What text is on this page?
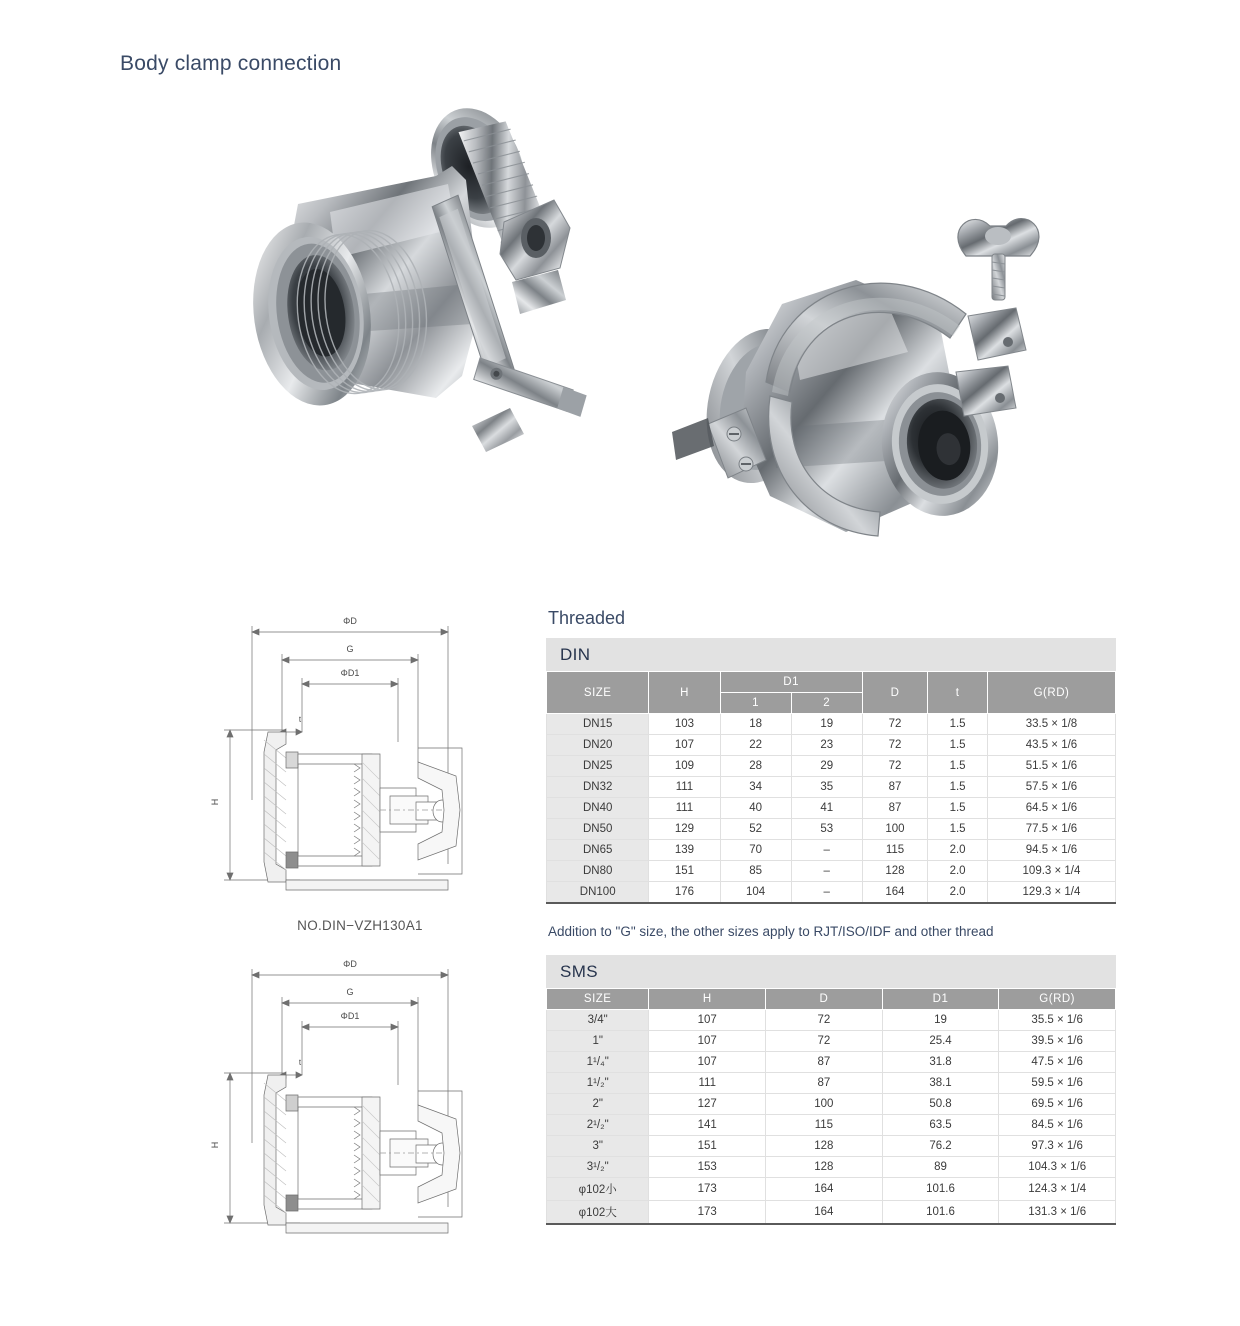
Body clamp connection
ΦD
G
ΦD1
t
H
NO.DIN−VZH130A1
ΦD
G
ΦD1
t
H
Threaded
DIN
SIZE	H	D1		D	t	G(RD)
		1	2			
DN15	103	18	19	72	1.5	33.5 × 1/8
DN20	107	22	23	72	1.5	43.5 × 1/6
DN25	109	28	29	72	1.5	51.5 × 1/6
DN32	111	34	35	87	1.5	57.5 × 1/6
DN40	111	40	41	87	1.5	64.5 × 1/6
DN50	129	52	53	100	1.5	77.5 × 1/6
DN65	139	70	–	115	2.0	94.5 × 1/6
DN80	151	85	–	128	2.0	109.3 × 1/4
DN100	176	104	–	164	2.0	129.3 × 1/4
Addition to "G" size, the other sizes apply to RJT/ISO/IDF and other thread
SMS
SIZE	H	D	D1	G(RD)
3/4"	107	72	19	35.5 × 1/6
1"	107	72	25.4	39.5 × 1/6
1¹/₄"	107	87	31.8	47.5 × 1/6
1¹/₂"	111	87	38.1	59.5 × 1/6
2"	127	100	50.8	69.5 × 1/6
2¹/₂"	141	115	63.5	84.5 × 1/6
3"	151	128	76.2	97.3 × 1/6
3¹/₂"	153	128	89	104.3 × 1/6
φ102小	173	164	101.6	124.3 × 1/4
φ102大	173	164	101.6	131.3 × 1/6
